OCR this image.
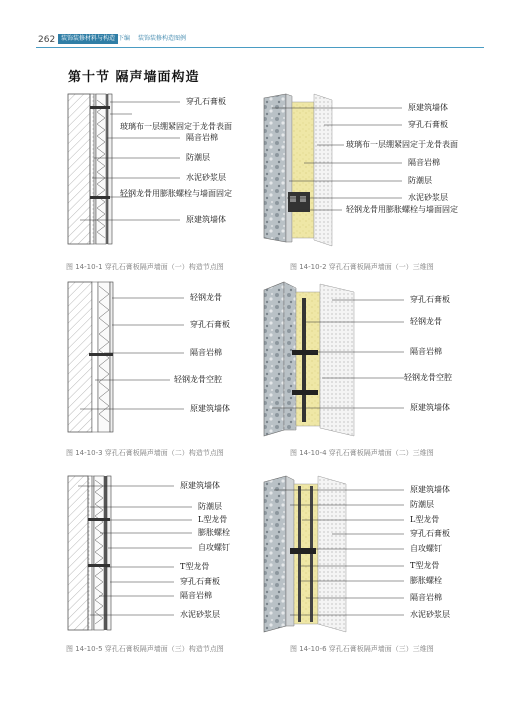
262 装饰装修材料与构造 下编 装饰装修构造图例
第十节 隔声墙面构造
穿孔石膏板
玻璃布一层绷紧固定于龙骨表面
隔音岩棉
防潮层
水泥砂浆层
轻钢龙骨用膨胀螺栓与墙面固定
原建筑墙体
图 14-10-1 穿孔石膏板隔声墙面（一）构造节点图
原建筑墙体
穿孔石膏板
玻璃布一层绷紧固定于龙骨表面
隔音岩棉
防潮层
水泥砂浆层
轻钢龙骨用膨胀螺栓与墙面固定
图 14-10-2 穿孔石膏板隔声墙面（一）三维图
轻钢龙骨
穿孔石膏板
隔音岩棉
轻钢龙骨空腔
原建筑墙体
图 14-10-3 穿孔石膏板隔声墙面（二）构造节点图
穿孔石膏板
轻钢龙骨
隔音岩棉
轻钢龙骨空腔
原建筑墙体
图 14-10-4 穿孔石膏板隔声墙面（二）三维图
原建筑墙体
防潮层
L型龙骨
膨胀螺栓
自攻螺钉
T型龙骨
穿孔石膏板
隔音岩棉
水泥砂浆层
图 14-10-5 穿孔石膏板隔声墙面（三）构造节点图
原建筑墙体
防潮层
L型龙骨
穿孔石膏板
自攻螺钉
T型龙骨
膨胀螺栓
隔音岩棉
水泥砂浆层
图 14-10-6 穿孔石膏板隔声墙面（三）三维图
